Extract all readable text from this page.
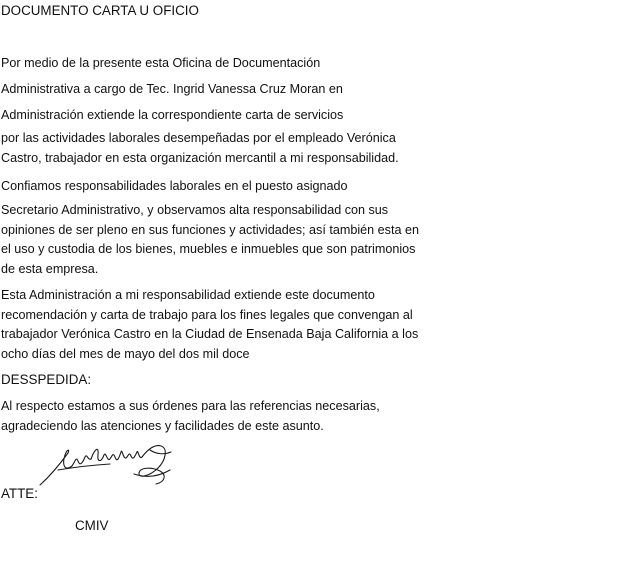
DOCUMENTO CARTA U OFICIO
Por medio de la presente esta Oficina de Documentación
Administrativa a cargo de Tec. Ingrid Vanessa Cruz Moran en
Administración extiende la correspondiente carta de servicios
por las actividades laborales desempeñadas por el empleado Verónica Castro, trabajador en esta organización mercantil a mi responsabilidad.
Confiamos responsabilidades laborales en el puesto asignado
Secretario Administrativo, y observamos alta responsabilidad con sus opiniones de ser pleno en sus funciones y actividades; así también esta en el uso y custodia de los bienes, muebles e inmuebles que son patrimonios de esta empresa.
Esta Administración a mi responsabilidad extiende este documento recomendación y carta de trabajo para los fines legales que convengan al trabajador Verónica Castro en la Ciudad de Ensenada Baja California a los ocho días del mes de mayo del dos mil doce
DESSPEDIDA:
Al respecto estamos a sus órdenes para las referencias necesarias, agradeciendo las atenciones y facilidades de este asunto.
ATTE:
CMIV
